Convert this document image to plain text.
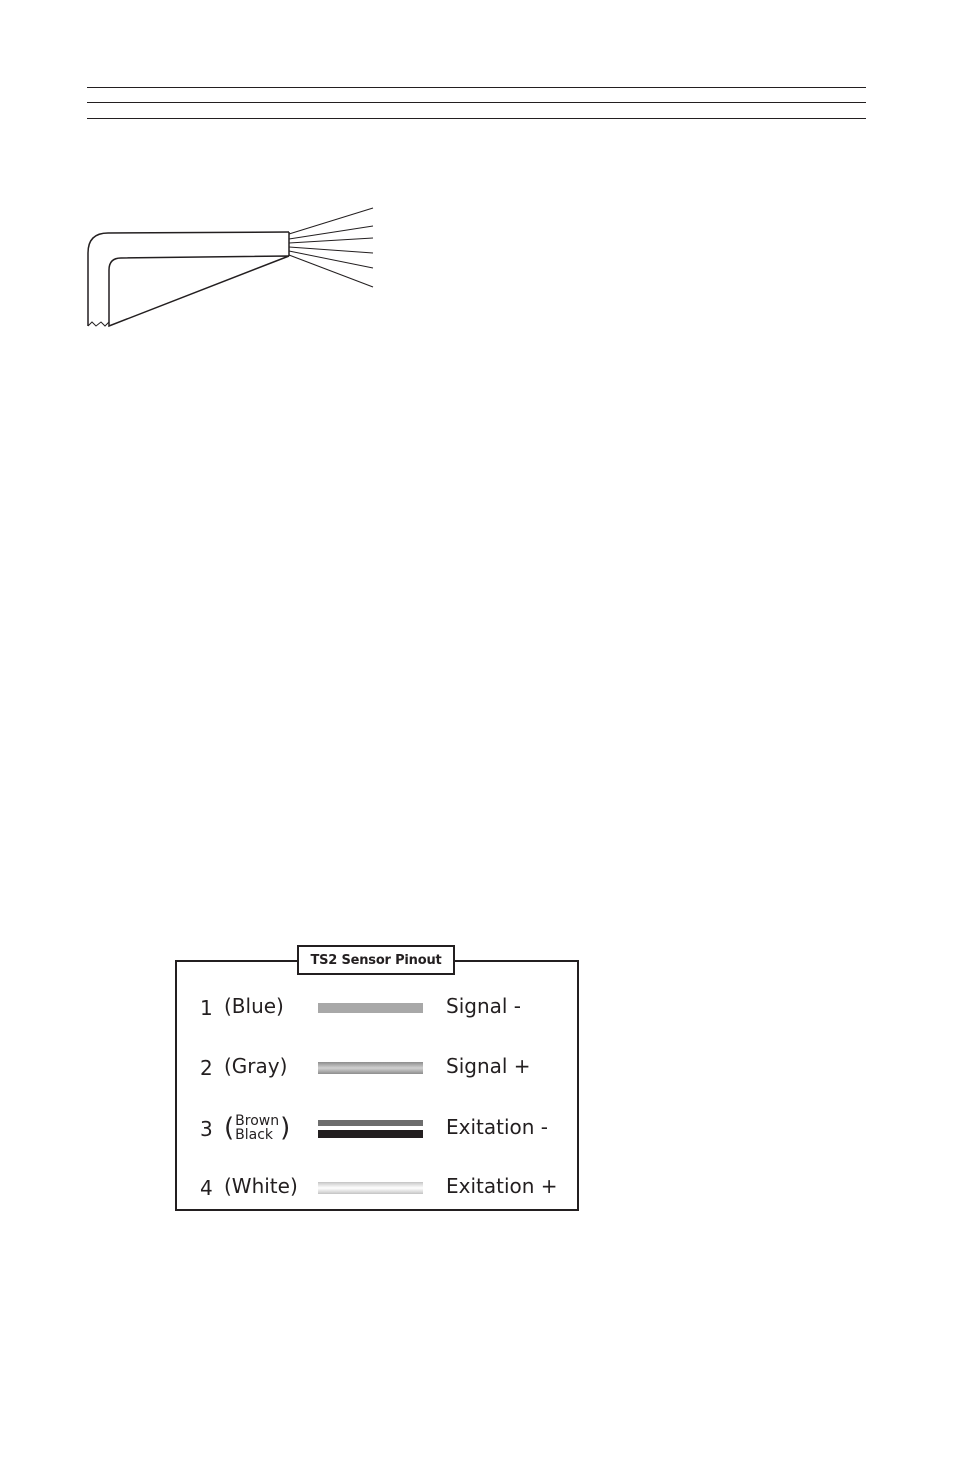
1 (Blue)	Signal -
2 (Gray)	Signal +
3 ( Brown
Black )	Exitation -
4 (White)	Exitation +
TS2 Sensor Pinout
